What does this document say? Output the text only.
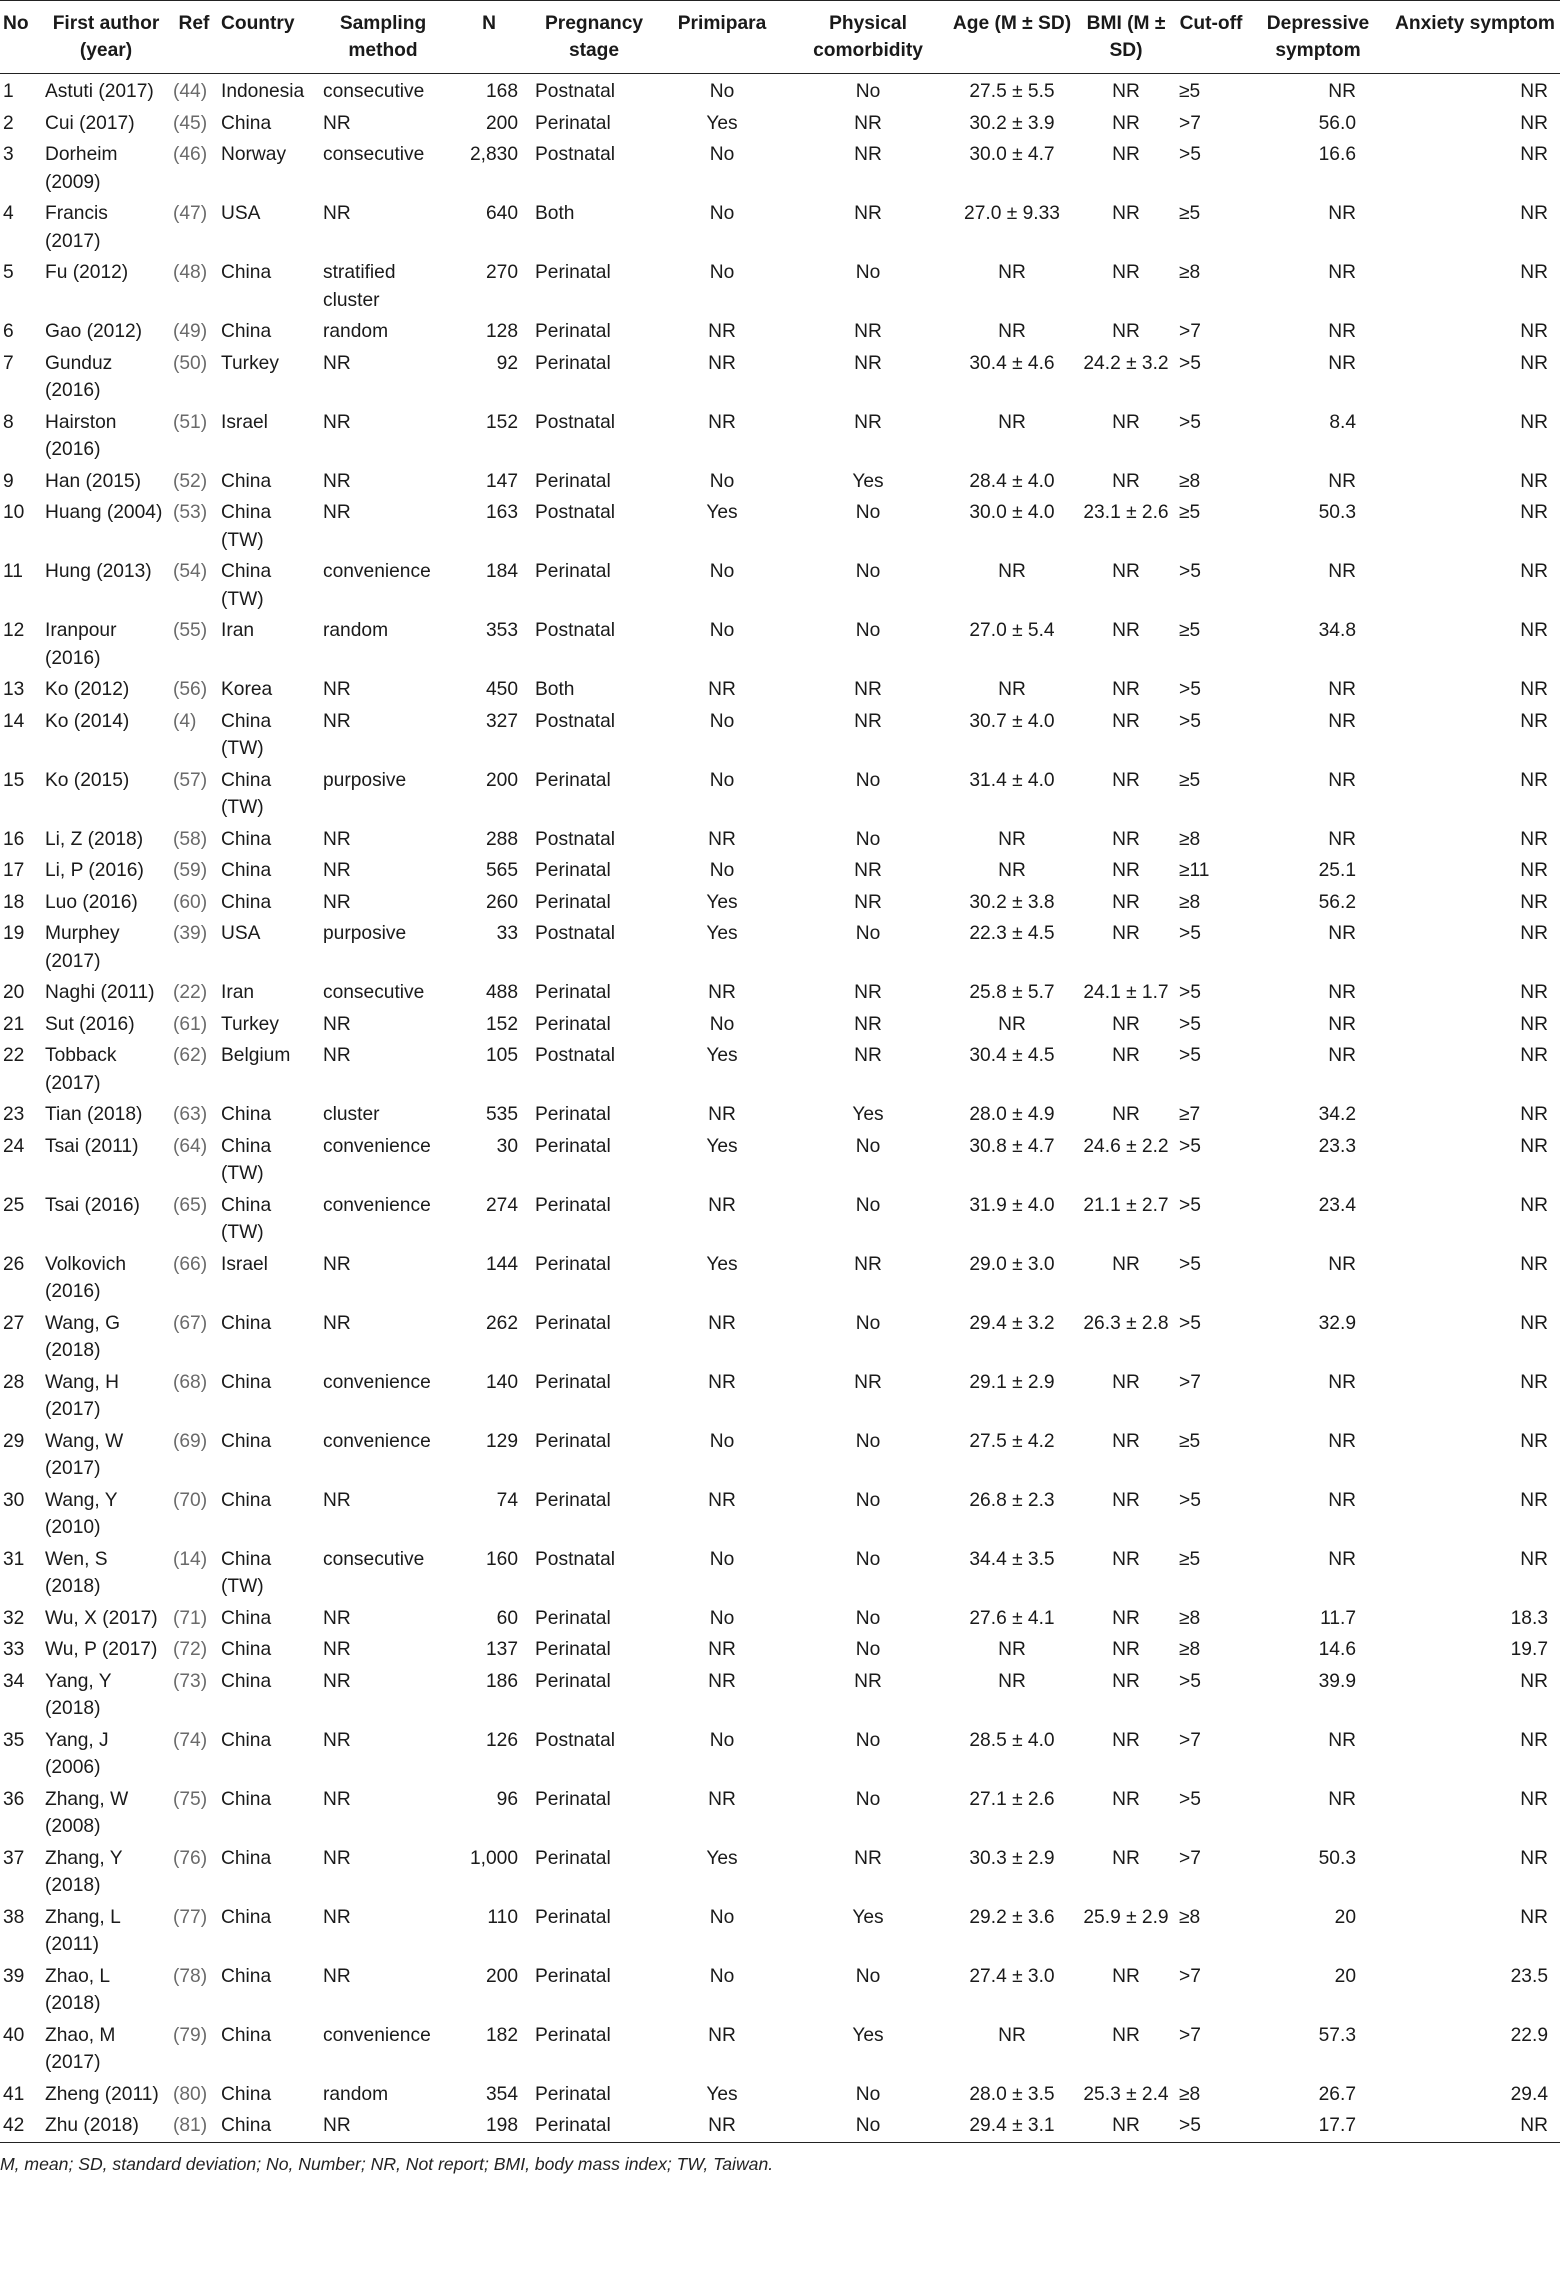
No	First author (year)	Ref	Country	Sampling method	N	Pregnancy stage	Primipara	Physical comorbidity	Age (M ± SD)	BMI (M ± SD)	Cut-off	Depressive symptom	Anxiety symptom
1	Astuti (2017)	(44)	Indonesia	consecutive	168	Postnatal	No	No	27.5 ± 5.5	NR	≥5	NR	NR
2	Cui (2017)	(45)	China	NR	200	Perinatal	Yes	NR	30.2 ± 3.9	NR	>7	56.0	NR
3	Dorheim (2009)	(46)	Norway	consecutive	2,830	Postnatal	No	NR	30.0 ± 4.7	NR	>5	16.6	NR
4	Francis (2017)	(47)	USA	NR	640	Both	No	NR	27.0 ± 9.33	NR	≥5	NR	NR
5	Fu (2012)	(48)	China	stratified cluster	270	Perinatal	No	No	NR	NR	≥8	NR	NR
6	Gao (2012)	(49)	China	random	128	Perinatal	NR	NR	NR	NR	>7	NR	NR
7	Gunduz (2016)	(50)	Turkey	NR	92	Perinatal	NR	NR	30.4 ± 4.6	24.2 ± 3.2	>5	NR	NR
8	Hairston (2016)	(51)	Israel	NR	152	Postnatal	NR	NR	NR	NR	>5	8.4	NR
9	Han (2015)	(52)	China	NR	147	Perinatal	No	Yes	28.4 ± 4.0	NR	≥8	NR	NR
10	Huang (2004)	(53)	China (TW)	NR	163	Postnatal	Yes	No	30.0 ± 4.0	23.1 ± 2.6	≥5	50.3	NR
11	Hung (2013)	(54)	China (TW)	convenience	184	Perinatal	No	No	NR	NR	>5	NR	NR
12	Iranpour (2016)	(55)	Iran	random	353	Postnatal	No	No	27.0 ± 5.4	NR	≥5	34.8	NR
13	Ko (2012)	(56)	Korea	NR	450	Both	NR	NR	NR	NR	>5	NR	NR
14	Ko (2014)	(4)	China (TW)	NR	327	Postnatal	No	NR	30.7 ± 4.0	NR	>5	NR	NR
15	Ko (2015)	(57)	China (TW)	purposive	200	Perinatal	No	No	31.4 ± 4.0	NR	≥5	NR	NR
16	Li, Z (2018)	(58)	China	NR	288	Postnatal	NR	No	NR	NR	≥8	NR	NR
17	Li, P (2016)	(59)	China	NR	565	Perinatal	No	NR	NR	NR	≥11	25.1	NR
18	Luo (2016)	(60)	China	NR	260	Perinatal	Yes	NR	30.2 ± 3.8	NR	≥8	56.2	NR
19	Murphey (2017)	(39)	USA	purposive	33	Postnatal	Yes	No	22.3 ± 4.5	NR	>5	NR	NR
20	Naghi (2011)	(22)	Iran	consecutive	488	Perinatal	NR	NR	25.8 ± 5.7	24.1 ± 1.7	>5	NR	NR
21	Sut (2016)	(61)	Turkey	NR	152	Perinatal	No	NR	NR	NR	>5	NR	NR
22	Tobback (2017)	(62)	Belgium	NR	105	Postnatal	Yes	NR	30.4 ± 4.5	NR	>5	NR	NR
23	Tian (2018)	(63)	China	cluster	535	Perinatal	NR	Yes	28.0 ± 4.9	NR	≥7	34.2	NR
24	Tsai (2011)	(64)	China (TW)	convenience	30	Perinatal	Yes	No	30.8 ± 4.7	24.6 ± 2.2	>5	23.3	NR
25	Tsai (2016)	(65)	China (TW)	convenience	274	Perinatal	NR	No	31.9 ± 4.0	21.1 ± 2.7	>5	23.4	NR
26	Volkovich (2016)	(66)	Israel	NR	144	Perinatal	Yes	NR	29.0 ± 3.0	NR	>5	NR	NR
27	Wang, G (2018)	(67)	China	NR	262	Perinatal	NR	No	29.4 ± 3.2	26.3 ± 2.8	>5	32.9	NR
28	Wang, H (2017)	(68)	China	convenience	140	Perinatal	NR	NR	29.1 ± 2.9	NR	>7	NR	NR
29	Wang, W (2017)	(69)	China	convenience	129	Perinatal	No	No	27.5 ± 4.2	NR	≥5	NR	NR
30	Wang, Y (2010)	(70)	China	NR	74	Perinatal	NR	No	26.8 ± 2.3	NR	>5	NR	NR
31	Wen, S (2018)	(14)	China (TW)	consecutive	160	Postnatal	No	No	34.4 ± 3.5	NR	≥5	NR	NR
32	Wu, X (2017)	(71)	China	NR	60	Perinatal	No	No	27.6 ± 4.1	NR	≥8	11.7	18.3
33	Wu, P (2017)	(72)	China	NR	137	Perinatal	NR	No	NR	NR	≥8	14.6	19.7
34	Yang, Y (2018)	(73)	China	NR	186	Perinatal	NR	NR	NR	NR	>5	39.9	NR
35	Yang, J (2006)	(74)	China	NR	126	Postnatal	No	No	28.5 ± 4.0	NR	>7	NR	NR
36	Zhang, W (2008)	(75)	China	NR	96	Perinatal	NR	No	27.1 ± 2.6	NR	>5	NR	NR
37	Zhang, Y (2018)	(76)	China	NR	1,000	Perinatal	Yes	NR	30.3 ± 2.9	NR	>7	50.3	NR
38	Zhang, L (2011)	(77)	China	NR	110	Perinatal	No	Yes	29.2 ± 3.6	25.9 ± 2.9	≥8	20	NR
39	Zhao, L (2018)	(78)	China	NR	200	Perinatal	No	No	27.4 ± 3.0	NR	>7	20	23.5
40	Zhao, M (2017)	(79)	China	convenience	182	Perinatal	NR	Yes	NR	NR	>7	57.3	22.9
41	Zheng (2011)	(80)	China	random	354	Perinatal	Yes	No	28.0 ± 3.5	25.3 ± 2.4	≥8	26.7	29.4
42	Zhu (2018)	(81)	China	NR	198	Perinatal	NR	No	29.4 ± 3.1	NR	>5	17.7	NR
M, mean; SD, standard deviation; No, Number; NR, Not report; BMI, body mass index; TW, Taiwan.													
